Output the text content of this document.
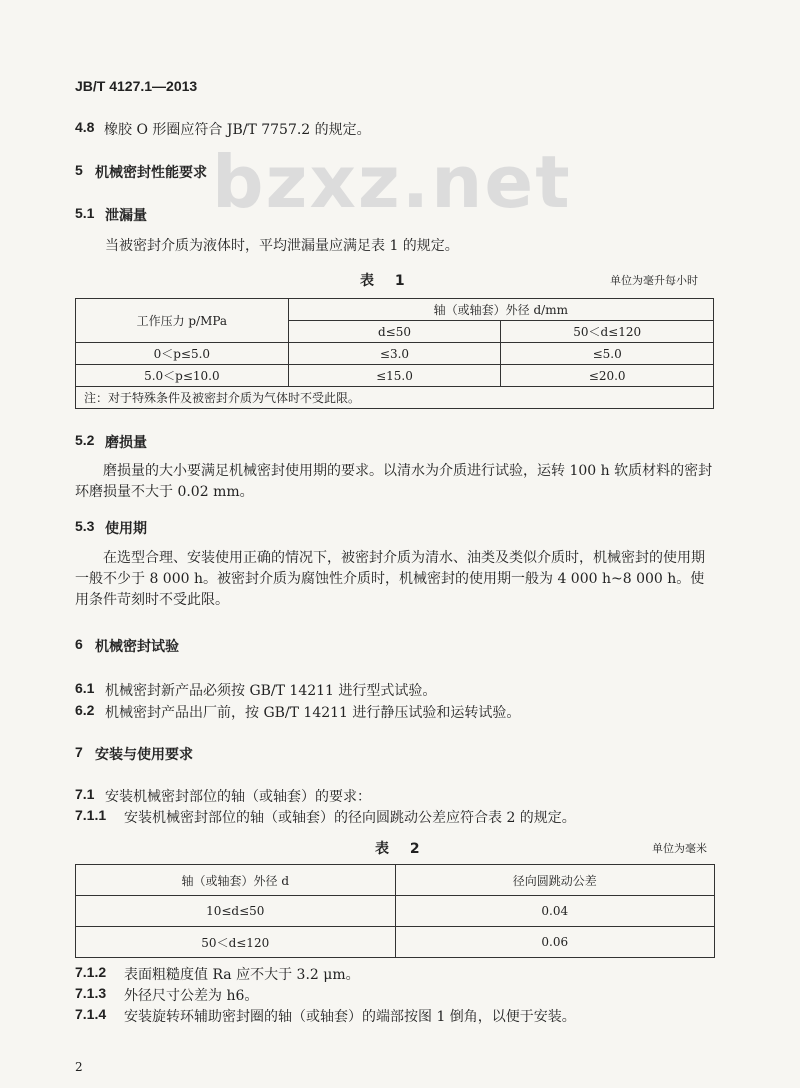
JB/T 4127.1—2013
bzxz.net
4.8 橡胶 O 形圈应符合 JB/T 7757.2 的规定。
5 机械密封性能要求
5.1 泄漏量
当被密封介质为液体时，平均泄漏量应满足表 1 的规定。
表 1	单位为毫升每小时
工作压力 p/MPa	轴（或轴套）外径 d/mm	
	d≤50	50＜d≤120
0＜p≤5.0	≤3.0	≤5.0
5.0＜p≤10.0	≤15.0	≤20.0
注：对于特殊条件及被密封介质为气体时不受此限。		
5.2 磨损量
磨损量的大小要满足机械密封使用期的要求。以清水为介质进行试验，运转 100 h 软质材料的密封环磨损量不大于 0.02 mm。
5.3 使用期
在选型合理、安装使用正确的情况下，被密封介质为清水、油类及类似介质时，机械密封的使用期一般不少于 8 000 h。被密封介质为腐蚀性介质时，机械密封的使用期一般为 4 000 h~8 000 h。使用条件苛刻时不受此限。
6 机械密封试验
6.1 机械密封新产品必须按 GB/T 14211 进行型式试验。
6.2 机械密封产品出厂前，按 GB/T 14211 进行静压试验和运转试验。
7 安装与使用要求
7.1 安装机械密封部位的轴（或轴套）的要求：
7.1.1 安装机械密封部位的轴（或轴套）的径向圆跳动公差应符合表 2 的规定。
表 2	单位为毫米
轴（或轴套）外径 d	径向圆跳动公差
10≤d≤50	0.04
50＜d≤120	0.06
7.1.2 表面粗糙度值 Ra 应不大于 3.2 μm。
7.1.3 外径尺寸公差为 h6。
7.1.4 安装旋转环辅助密封圈的轴（或轴套）的端部按图 1 倒角，以便于安装。
2
